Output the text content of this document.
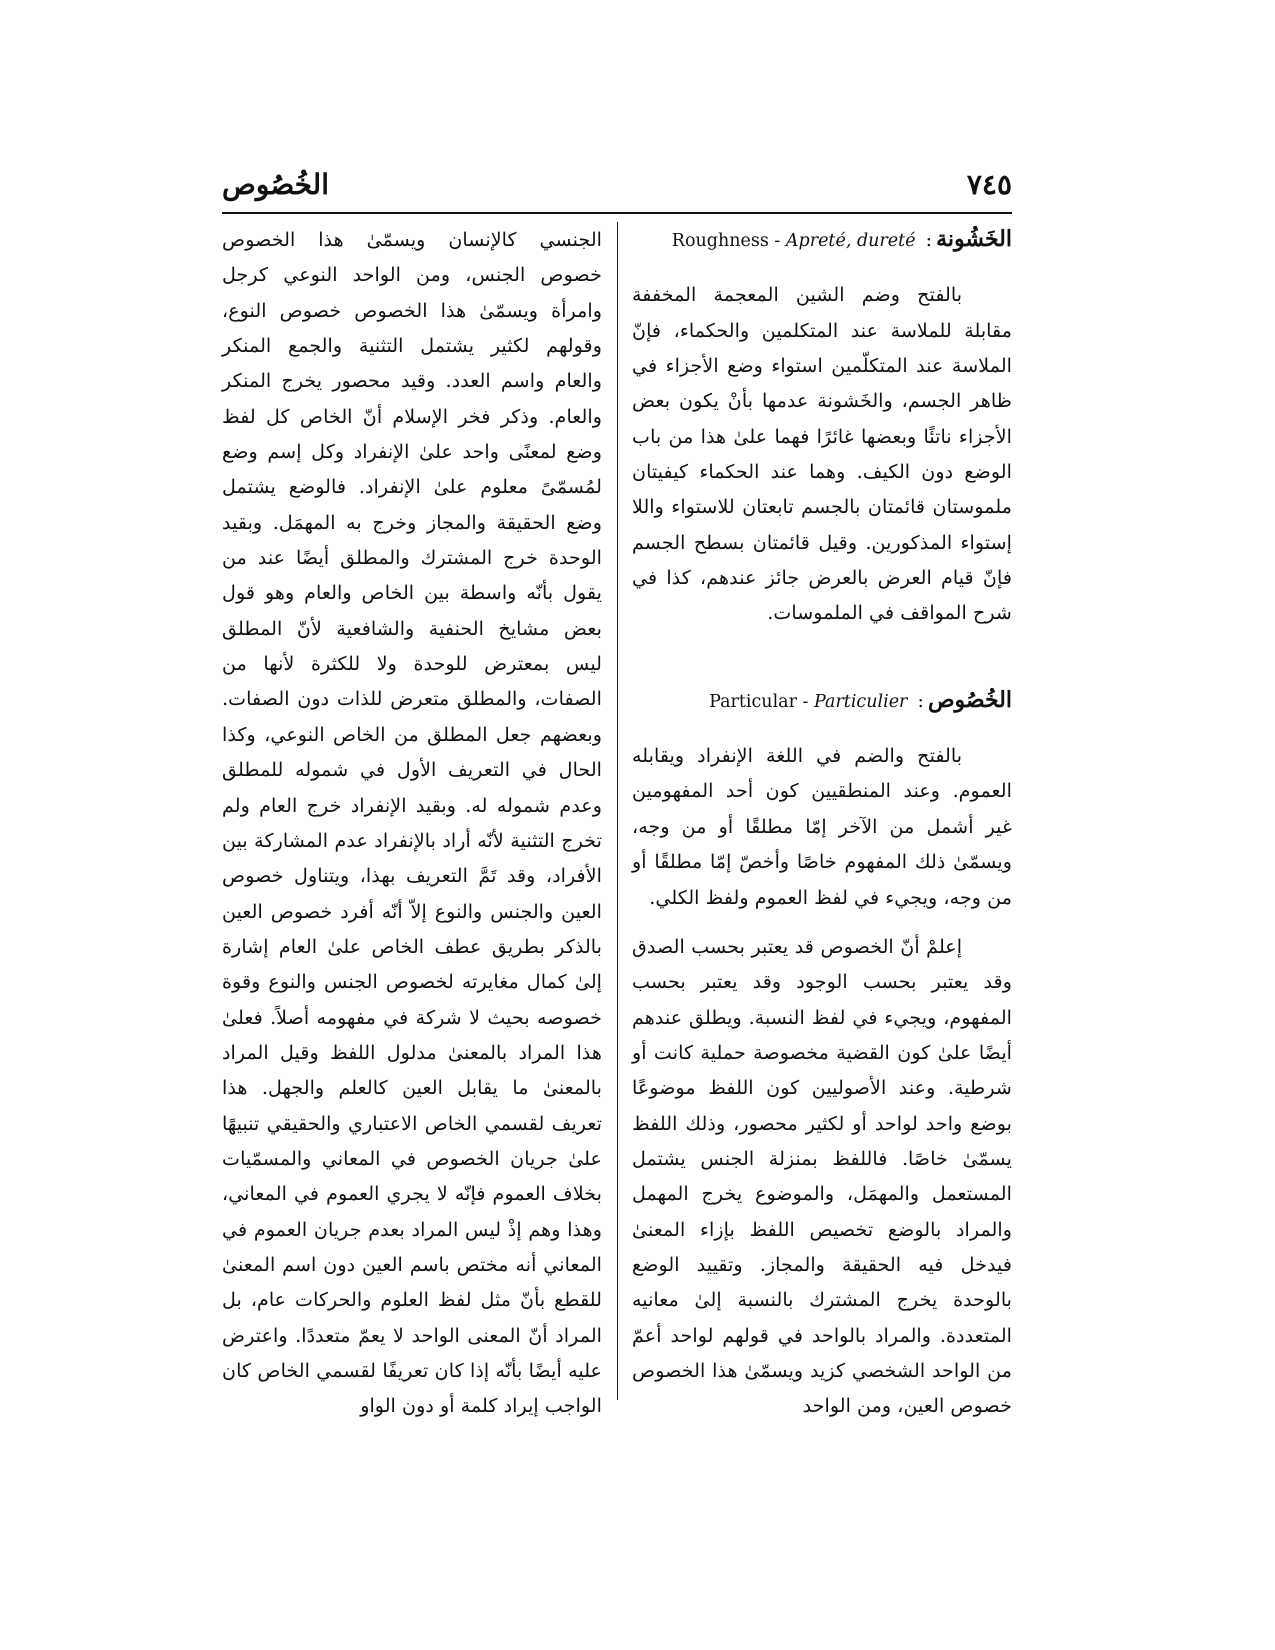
٧٤٥
الخُصُوص
الخَشُونة: Roughness - Apreté, dureté

بالفتح وضم الشين المعجمة المخففة مقابلة للملاسة عند المتكلمين والحكماء، فإنّ الملاسة عند المتكلّمين استواء وضع الأجزاء في ظاهر الجسم، والخَشونة عدمها بأنْ يكون بعض الأجزاء ناتئًا وبعضها غائرًا فهما علىٰ هذا من باب الوضع دون الكيف. وهما عند الحكماء كيفيتان ملموستان قائمتان بالجسم تابعتان للاستواء واللا إستواء المذكورين. وقيل قائمتان بسطح الجسم فإنّ قيام العرض بالعرض جائز عندهم، كذا في شرح المواقف في الملموسات.

الخُصُوص: Particular - Particulier

بالفتح والضم في اللغة الإنفراد ويقابله العموم. وعند المنطقيين كون أحد المفهومين غير أشمل من الآخر إمّا مطلقًا أو من وجه، ويسمّىٰ ذلك المفهوم خاصًا وأخصّ إمّا مطلقًا أو من وجه، ويجيء في لفظ العموم ولفظ الكلي.

إعلمْ أنّ الخصوص قد يعتبر بحسب الصدق وقد يعتبر بحسب الوجود وقد يعتبر بحسب المفهوم، ويجيء في لفظ النسبة. ويطلق عندهم أيضًا علىٰ كون القضية مخصوصة حملية كانت أو شرطية. وعند الأصوليين كون اللفظ موضوعًا بوضع واحد لواحد أو لكثير محصور، وذلك اللفظ يسمّىٰ خاصًا. فاللفظ بمنزلة الجنس يشتمل المستعمل والمهمَل، والموضوع يخرج المهمل والمراد بالوضع تخصيص اللفظ بإزاء المعنىٰ فيدخل فيه الحقيقة والمجاز. وتقييد الوضع بالوحدة يخرج المشترك بالنسبة إلىٰ معانيه المتعددة. والمراد بالواحد في قولهم لواحد أعمّ من الواحد الشخصي كزيد ويسمّىٰ هذا الخصوص خصوص العين، ومن الواحد

الجنسي كالإنسان ويسمّىٰ هذا الخصوص خصوص الجنس، ومن الواحد النوعي كرجل وامرأة ويسمّىٰ هذا الخصوص خصوص النوع، وقولهم لكثير يشتمل التثنية والجمع المنكر والعام واسم العدد. وقيد محصور يخرج المنكر والعام. وذكر فخر الإسلام أنّ الخاص كل لفظ وضع لمعنًى واحد علىٰ الإنفراد وكل إسم وضع لمُسمّىً معلوم علىٰ الإنفراد. فالوضع يشتمل وضع الحقيقة والمجاز وخرج به المهمَل. وبقيد الوحدة خرج المشترك والمطلق أيضًا عند من يقول بأنّه واسطة بين الخاص والعام وهو قول بعض مشايخ الحنفية والشافعية لأنّ المطلق ليس بمعترض للوحدة ولا للكثرة لأنها من الصفات، والمطلق متعرض للذات دون الصفات. وبعضهم جعل المطلق من الخاص النوعي، وكذا الحال في التعريف الأول في شموله للمطلق وعدم شموله له. وبقيد الإنفراد خرج العام ولم تخرج التثنية لأنّه أراد بالإنفراد عدم المشاركة بين الأفراد، وقد تَمَّ التعريف بهذا، ويتناول خصوص العين والجنس والنوع إلاّ أنّه أفرد خصوص العين بالذكر بطريق عطف الخاص علىٰ العام إشارة إلىٰ كمال مغايرته لخصوص الجنس والنوع وقوة خصوصه بحيث لا شركة في مفهومه أصلاً. فعلىٰ هذا المراد بالمعنىٰ مدلول اللفظ وقيل المراد بالمعنىٰ ما يقابل العين كالعلم والجهل. هذا تعريف لقسمي الخاص الاعتباري والحقيقي تنبيهًا علىٰ جريان الخصوص في المعاني والمسمّيات بخلاف العموم فإنّه لا يجري العموم في المعاني، وهذا وهم إذْ ليس المراد بعدم جريان العموم في المعاني أنه مختص باسم العين دون اسم المعنىٰ للقطع بأنّ مثل لفظ العلوم والحركات عام، بل المراد أنّ المعنى الواحد لا يعمّ متعددًا. واعترض عليه أيضًا بأنّه إذا كان تعريفًا لقسمي الخاص كان الواجب إيراد كلمة أو دون الواو
